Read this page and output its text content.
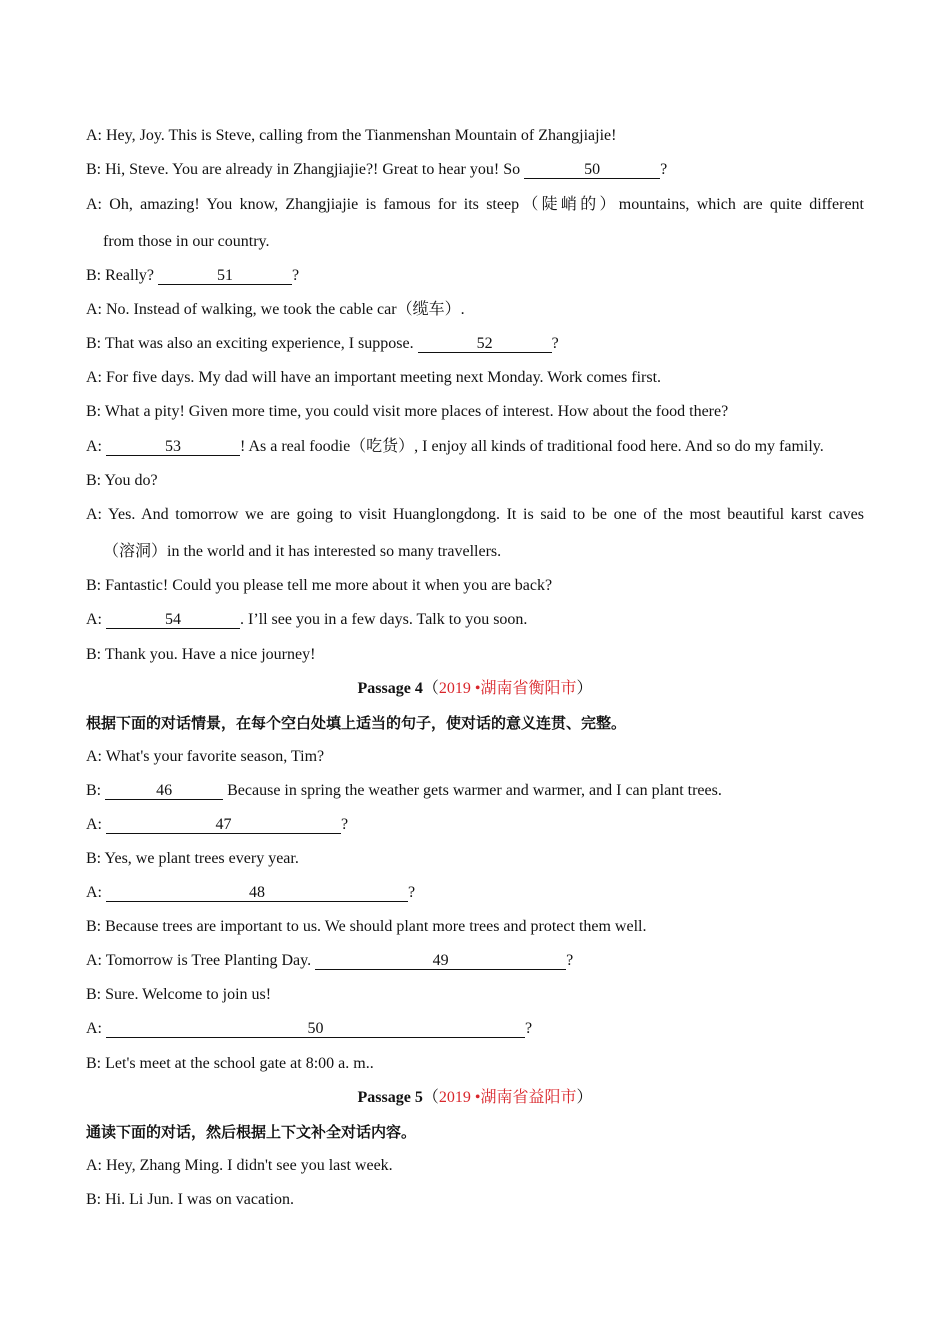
A: Hey, Joy. This is Steve, calling from the Tianmenshan Mountain of Zhangjiajie!
B: Hi, Steve. You are already in Zhangjiajie?! Great to hear you! So	50	?
A: Oh, amazing! You know, Zhangjiajie is famous for its steep（陡峭的）mountains, which are quite different
from those in our country.
B: Really?	51	?
A: No. Instead of walking, we took the cable car（缆车）.
B: That was also an exciting experience, I suppose.	52	?
A: For five days. My dad will have an important meeting next Monday. Work comes first.
B: What a pity! Given more time, you could visit more places of interest. How about the food there?
A:	53	! As a real foodie（吃货）, I enjoy all kinds of traditional food here. And so do my family.
B: You do?
A: Yes. And tomorrow we are going to visit Huanglongdong. It is said to be one of the most beautiful karst caves
（溶洞）in the world and it has interested so many travellers.
B: Fantastic! Could you please tell me more about it when you are back?
A:	54	. I’ll see you in a few days. Talk to you soon.
B: Thank you. Have a nice journey!
Passage 4（2019 •湖南省衡阳市）
根据下面的对话情景，在每个空白处填上适当的句子，使对话的意义连贯、完整。
A: What's your favorite season, Tim?
B:	46	Because in spring the weather gets warmer and warmer, and I can plant trees.
A:	47	?
B: Yes, we plant trees every year.
A:	48	?
B: Because trees are important to us. We should plant more trees and protect them well.
A: Tomorrow is Tree Planting Day.	49	?
B: Sure. Welcome to join us!
A:	50	?
B: Let's meet at the school gate at 8:00 a. m..
Passage 5（2019 •湖南省益阳市）
通读下面的对话，然后根据上下文补全对话内容。
A: Hey, Zhang Ming. I didn't see you last week.
B: Hi. Li Jun. I was on vacation.
